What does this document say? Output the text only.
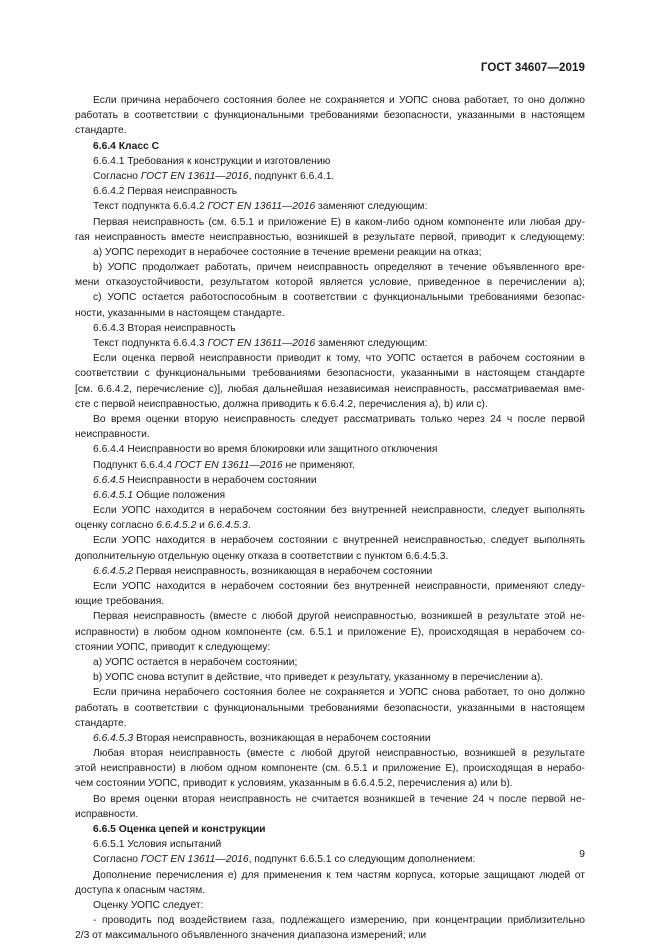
ГОСТ 34607—2019
Если причина нерабочего состояния более не сохраняется и УОПС снова работает, то оно должно
работать в соответствии с функциональными требованиями безопасности, указанными в настоящем
стандарте.
6.6.4 Класс С
6.6.4.1 Требования к конструкции и изготовлению
Согласно ГОСТ EN 13611—2016, подпункт 6.6.4.1.
6.6.4.2 Первая неисправность
Текст подпункта 6.6.4.2 ГОСТ EN 13611—2016 заменяют следующим:
Первая неисправность (см. 6.5.1 и приложение Е) в каком-либо одном компоненте или любая дру-
гая неисправность вместе неисправностью, возникшей в результате первой, приводит к следующему:
a) УОПС переходит в нерабочее состояние в течение времени реакции на отказ;
b) УОПС продолжает работать, причем неисправность определяют в течение объявленного вре-
мени отказоустойчивости, результатом которой является условие, приведенное в перечислении а);
c) УОПС остается работоспособным в соответствии с функциональными требованиями безопас-
ности, указанными в настоящем стандарте.
6.6.4.3 Вторая неисправность
Текст подпункта 6.6.4.3 ГОСТ EN 13611—2016 заменяют следующим:
Если оценка первой неисправности приводит к тому, что УОПС остается в рабочем состоянии в
соответствии с функциональными требованиями безопасности, указанными в настоящем стандарте
[см. 6.6.4.2, перечисление с)], любая дальнейшая независимая неисправность, рассматриваемая вме-
сте с первой неисправностью, должна приводить к 6.6.4.2, перечисления а), b) или с).
Во время оценки вторую неисправность следует рассматривать только через 24 ч после первой
неисправности.
6.6.4.4 Неисправности во время блокировки или защитного отключения
Подпункт 6.6.4.4 ГОСТ EN 13611—2016 не применяют.
6.6.4.5 Неисправности в нерабочем состоянии
6.6.4.5.1 Общие положения
Если УОПС находится в нерабочем состоянии без внутренней неисправности, следует выполнять
оценку согласно 6.6.4.5.2 и 6.6.4.5.3.
Если УОПС находится в нерабочем состоянии с внутренней неисправностью, следует выполнять
дополнительную отдельную оценку отказа в соответствии с пунктом 6.6.4.5.3.
6.6.4.5.2 Первая неисправность, возникающая в нерабочем состоянии
Если УОПС находится в нерабочем состоянии без внутренней неисправности, применяют следу-
ющие требования.
Первая неисправность (вместе с любой другой неисправностью, возникшей в результате этой не-
исправности) в любом одном компоненте (см. 6.5.1 и приложение Е), происходящая в нерабочем со-
стоянии УОПС, приводит к следующему:
a) УОПС остается в нерабочем состоянии;
b) УОПС снова вступит в действие, что приведет к результату, указанному в перечислении а).
Если причина нерабочего состояния более не сохраняется и УОПС снова работает, то оно должно
работать в соответствии с функциональными требованиями безопасности, указанными в настоящем
стандарте.
6.6.4.5.3 Вторая неисправность, возникающая в нерабочем состоянии
Любая вторая неисправность (вместе с любой другой неисправностью, возникшей в результате
этой неисправности) в любом одном компоненте (см. 6.5.1 и приложение Е), происходящая в нерабо-
чем состоянии УОПС, приводит к условиям, указанным в 6.6.4.5.2, перечисления а) или b).
Во время оценки вторая неисправность не считается возникшей в течение 24 ч после первой не-
исправности.
6.6.5 Оценка цепей и конструкции
6.6.5.1 Условия испытаний
Согласно ГОСТ EN 13611—2016, подпункт 6.6.5.1 со следующим дополнением:
Дополнение перечисления е) для применения к тем частям корпуса, которые защищают людей от
доступа к опасным частям.
Оценку УОПС следует:
- проводить под воздействием газа, подлежащего измерению, при концентрации приблизительно
2/3 от максимального объявленного значения диапазона измерений; или
9
